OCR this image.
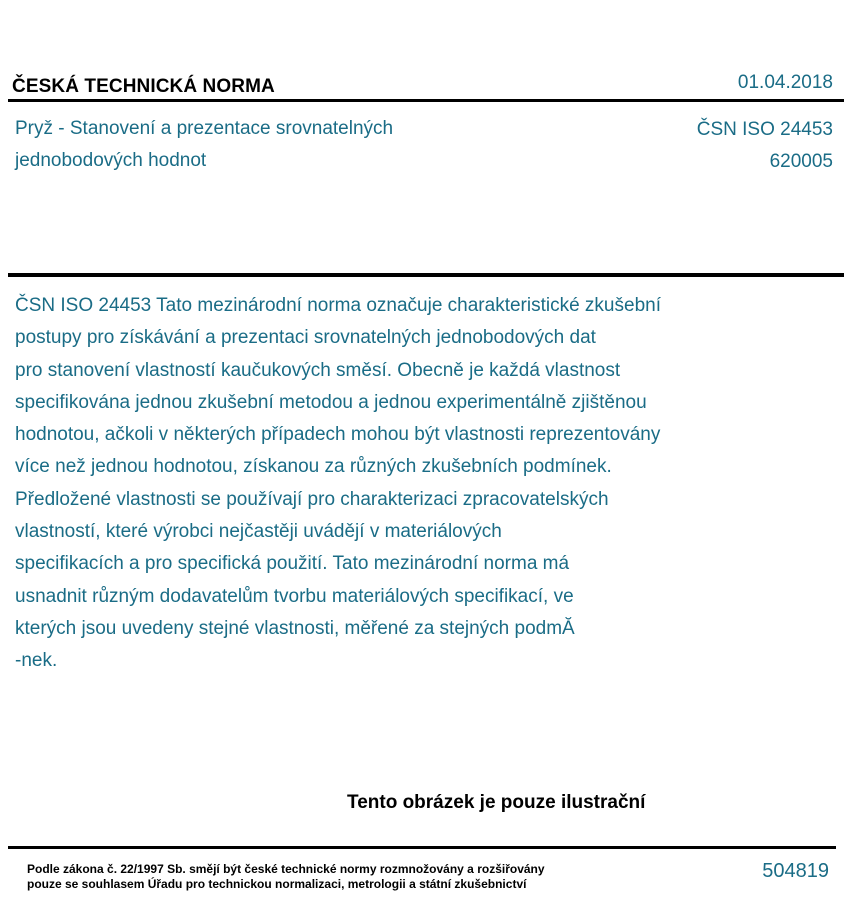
ČESKÁ TECHNICKÁ NORMA	01.04.2018
Pryž - Stanovení a prezentace srovnatelných
jednobodových hodnot
ČSN ISO 24453
620005
ČSN ISO 24453 Tato mezinárodní norma označuje charakteristické zkušební
postupy pro získávání a prezentaci srovnatelných jednobodových dat
pro stanovení vlastností kaučukových směsí. Obecně je každá vlastnost
specifikována jednou zkušební metodou a jednou experimentálně zjištěnou
hodnotou, ačkoli v některých případech mohou být vlastnosti reprezentovány
více než jednou hodnotou, získanou za různých zkušebních podmínek.
Předložené vlastnosti se používají pro charakterizaci zpracovatelských
vlastností, které výrobci nejčastěji uvádějí v materiálových
specifikacích a pro specifická použití. Tato mezinárodní norma má
usnadnit různým dodavatelům tvorbu materiálových specifikací, ve
kterých jsou uvedeny stejné vlastnosti, měřené za stejných podmĂ
-nek.
Tento obrázek je pouze ilustrační
Podle zákona č. 22/1997 Sb. smějí být české technické normy rozmnožovány a rozšiřovány
pouze se souhlasem Úřadu pro technickou normalizaci, metrologii a státní zkušebnictví
504819
